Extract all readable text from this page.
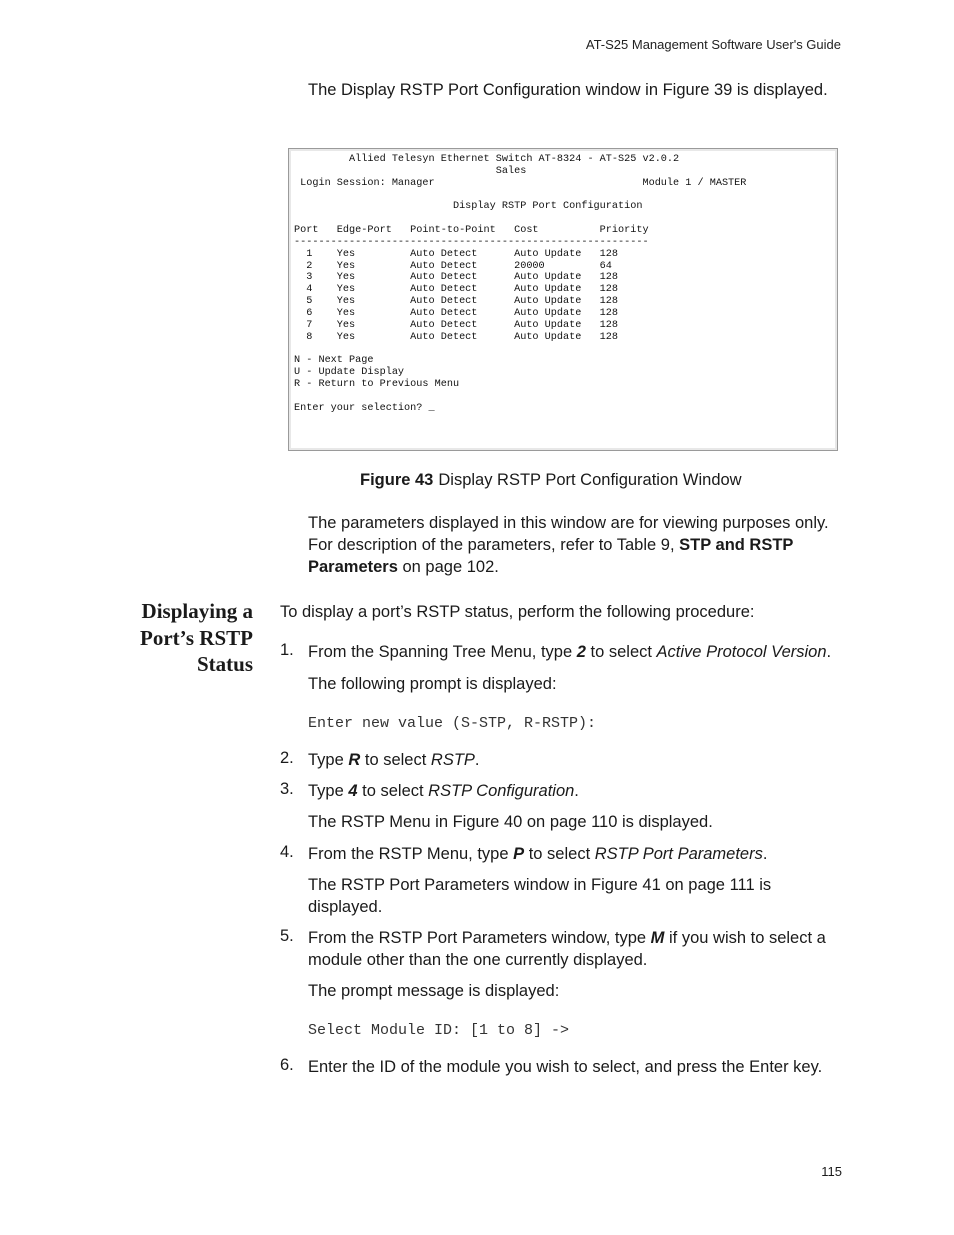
AT-S25 Management Software User's Guide
The Display RSTP Port Configuration window in Figure 39 is displayed.
Allied Telesyn Ethernet Switch AT-8324 - AT-S25 v2.0.2
Sales
Login Session: Manager                                  Module 1 / MASTER

Display RSTP Port Configuration

Port   Edge-Port   Point-to-Point   Cost          Priority
----------------------------------------------------------
1    Yes         Auto Detect      Auto Update   128
2    Yes         Auto Detect      20000         64
3    Yes         Auto Detect      Auto Update   128
4    Yes         Auto Detect      Auto Update   128
5    Yes         Auto Detect      Auto Update   128
6    Yes         Auto Detect      Auto Update   128
7    Yes         Auto Detect      Auto Update   128
8    Yes         Auto Detect      Auto Update   128

N - Next Page
U - Update Display
R - Return to Previous Menu

Enter your selection? _
Figure 43 Display RSTP Port Configuration Window
The parameters displayed in this window are for viewing purposes only. For description of the parameters, refer to Table 9, STP and RSTP Parameters on page 102.
Displaying a
Port’s RSTP
Status
To display a port’s RSTP status, perform the following procedure:
1. From the Spanning Tree Menu, type 2 to select Active Protocol Version.
The following prompt is displayed:
Enter new value (S-STP, R-RSTP):
2. Type R to select RSTP.
3. Type 4 to select RSTP Configuration.
The RSTP Menu in Figure 40 on page 110 is displayed.
4. From the RSTP Menu, type P to select RSTP Port Parameters.
The RSTP Port Parameters window in Figure 41 on page 111 is displayed.
5. From the RSTP Port Parameters window, type M if you wish to select a module other than the one currently displayed.
The prompt message is displayed:
Select Module ID: [1 to 8] ->
6. Enter the ID of the module you wish to select, and press the Enter key.
115
